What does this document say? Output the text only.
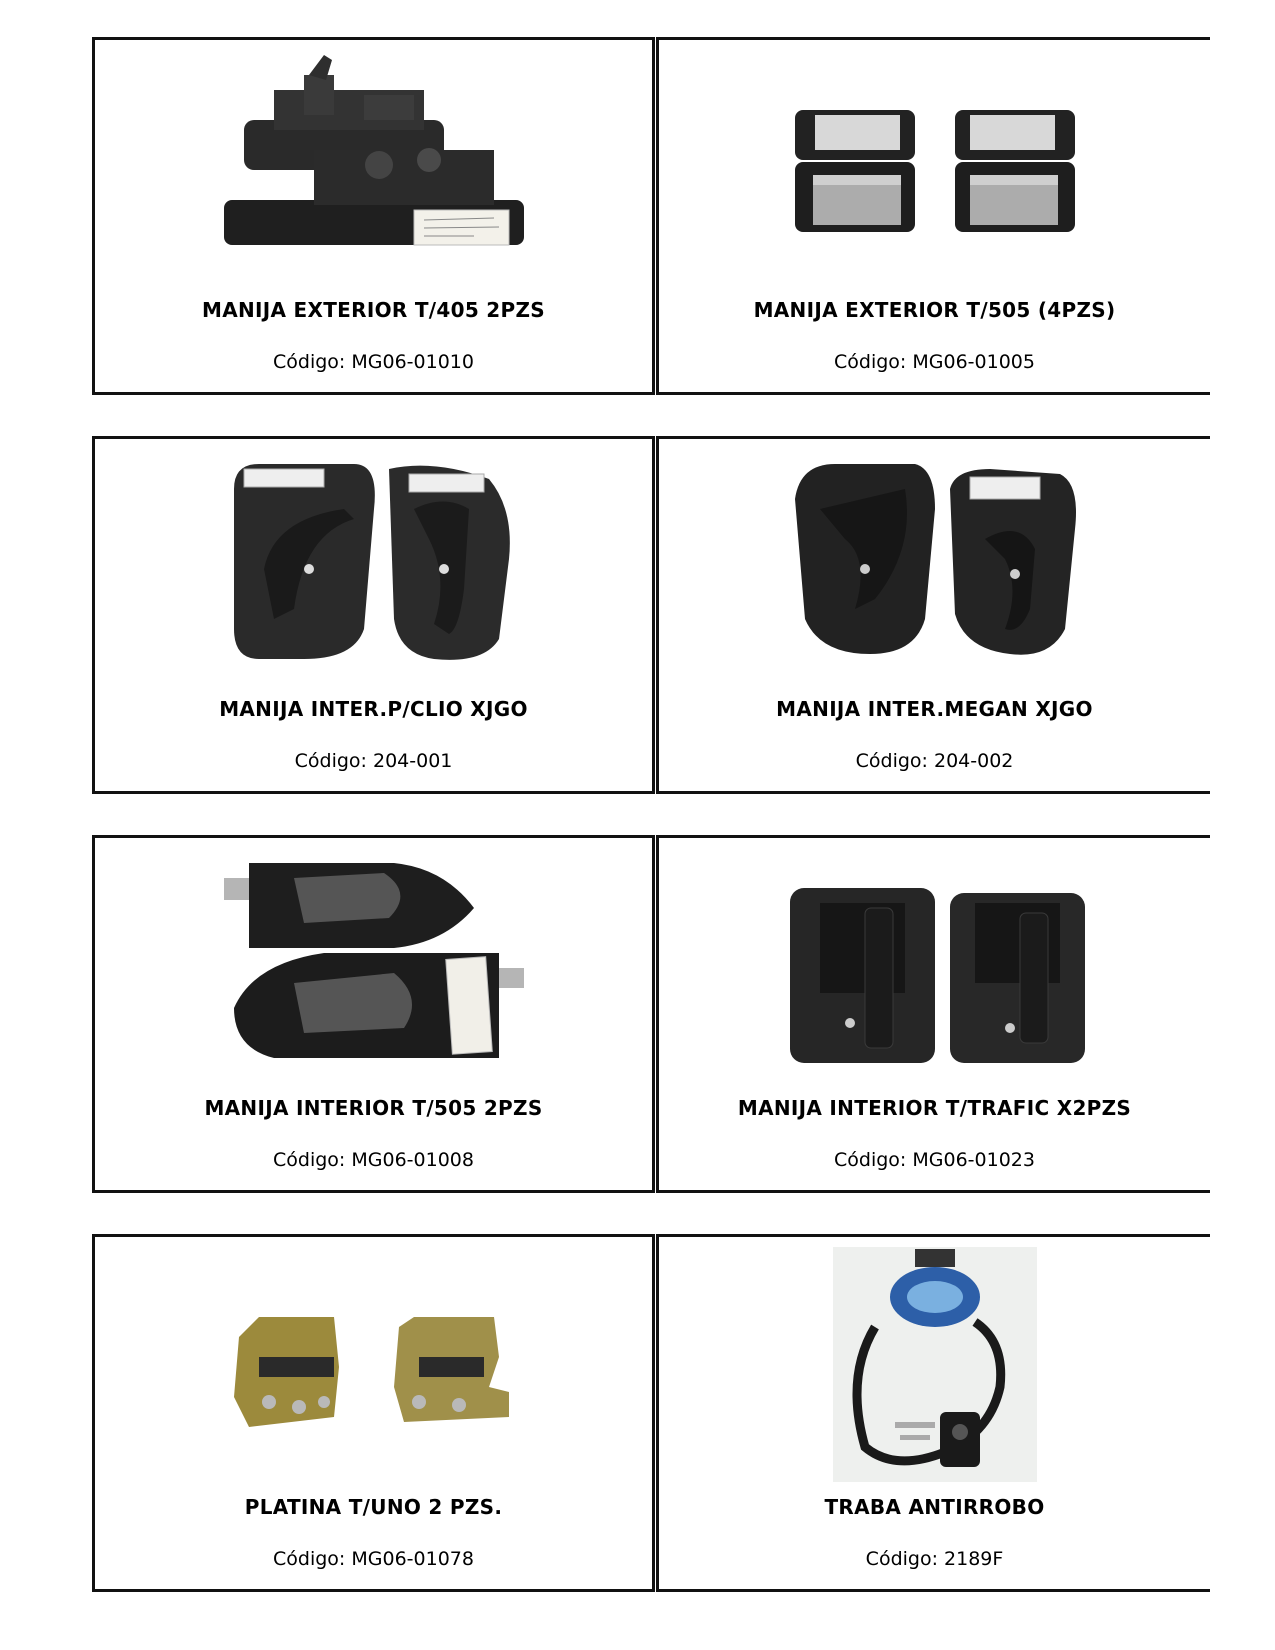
MANIJA EXTERIOR T/405 2PZS
Código: MG06-01010
MANIJA EXTERIOR T/505 (4PZS)
Código: MG06-01005
MANIJA INTER.P/CLIO XJGO
Código: 204-001
MANIJA INTER.MEGAN XJGO
Código: 204-002
MANIJA INTERIOR T/505 2PZS
Código: MG06-01008
MANIJA INTERIOR T/TRAFIC X2PZS
Código: MG06-01023
PLATINA T/UNO 2 PZS.
Código: MG06-01078
TRABA ANTIRROBO
Código: 2189F
